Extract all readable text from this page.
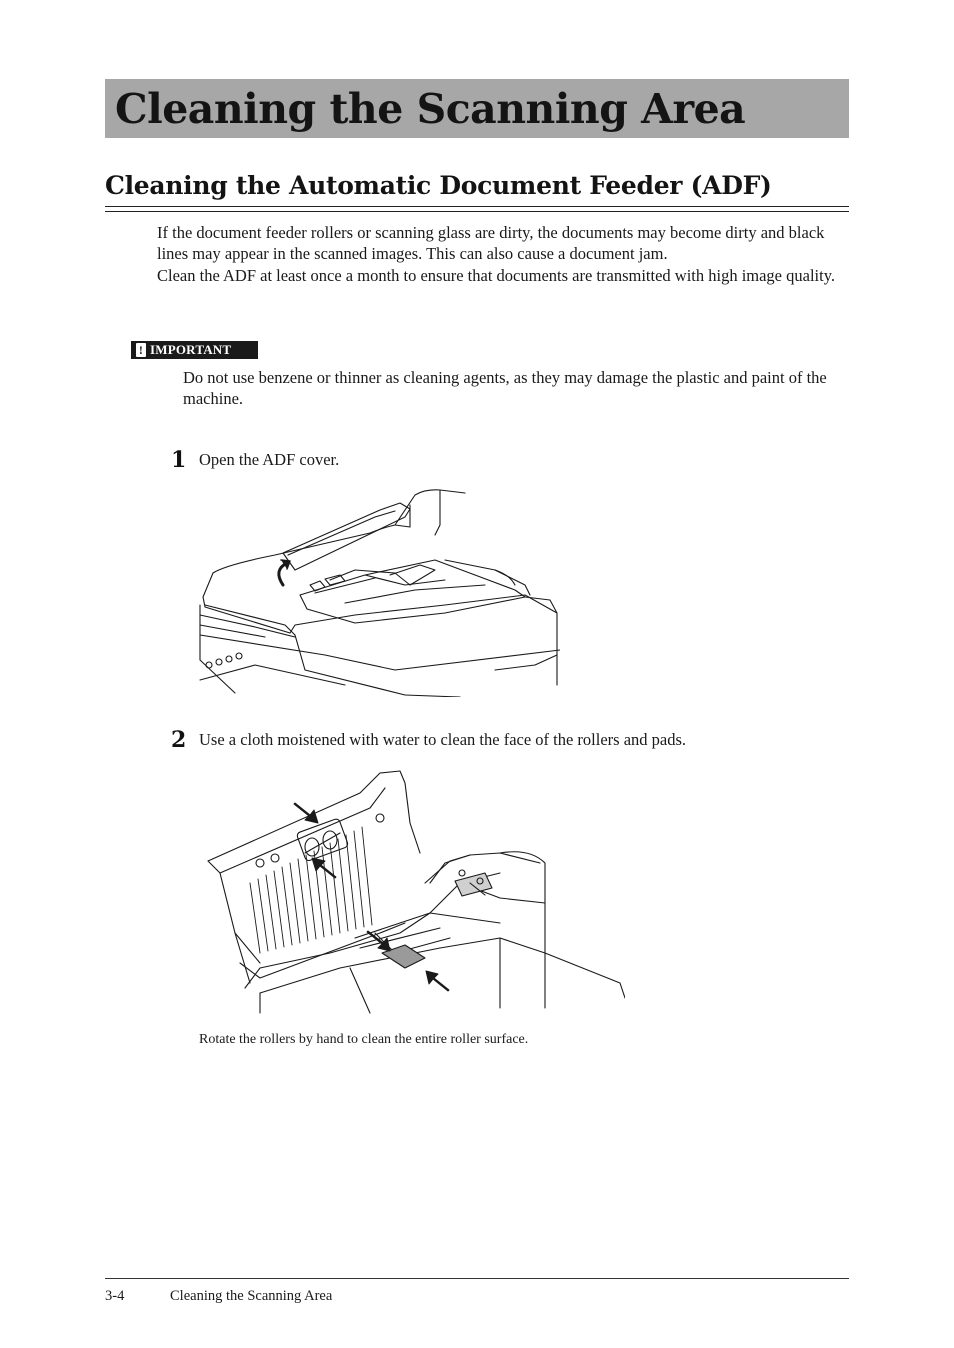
Cleaning the Scanning Area
Cleaning the Automatic Document Feeder (ADF)

If the document feeder rollers or scanning glass are dirty, the documents may become dirty and black lines may appear in the scanned images. This can also cause a document jam.

Clean the ADF at least once a month to ensure that documents are transmitted with high image quality.

! IMPORTANT

Do not use benzene or thinner as cleaning agents, as they may damage the plastic and paint of the machine.

1 Open the ADF cover.

2 Use a cloth moistened with water to clean the face of the rollers and pads.

Rotate the rollers by hand to clean the entire roller surface.

3-4	Cleaning the Scanning Area
